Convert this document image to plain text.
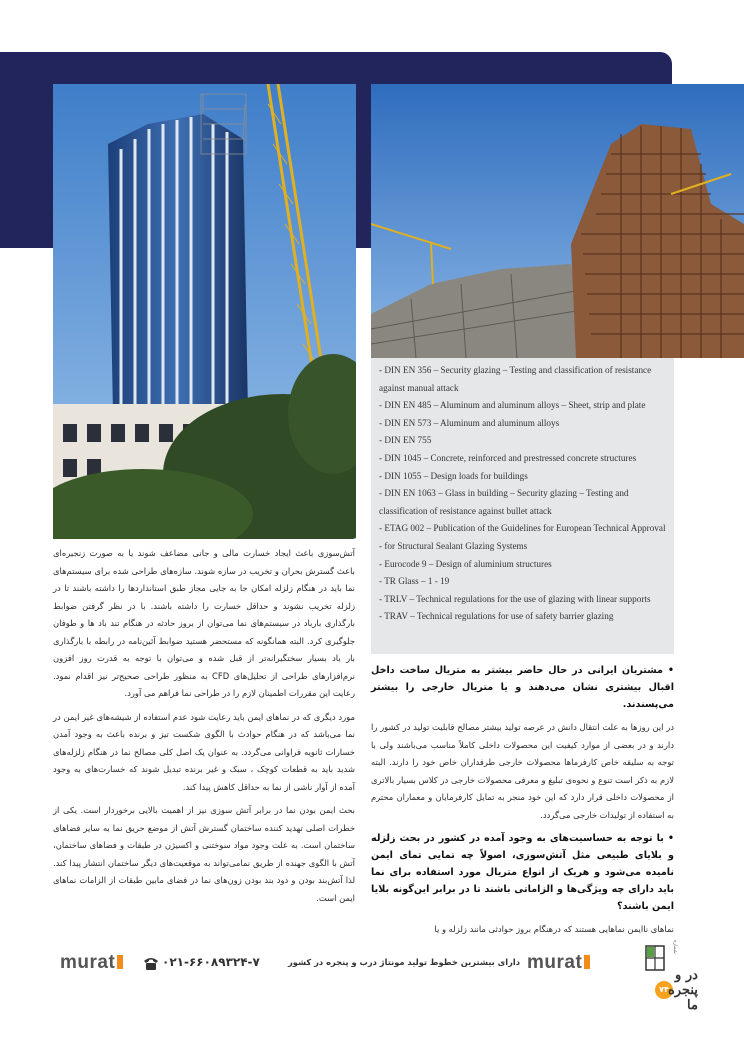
- DIN EN 356 – Security glazing – Testing and classification of resistance against manual attack
- DIN EN 485 – Aluminum and aluminum alloys – Sheet, strip and plate
- DIN EN 573 – Aluminum and aluminum alloys
- DIN EN 755
- DIN 1045 – Concrete, reinforced and prestressed concrete structures
- DIN 1055 – Design loads for buildings
- DIN EN 1063 – Glass in building – Security glazing – Testing and classification of resistance against bullet attack
- ETAG 002 – Publication of the Guidelines for European Technical Approval
- for Structural Sealant Glazing Systems
- Eurocode 9 – Design of aluminium structures
- TR Glass – 1 - 19
- TRLV – Technical regulations for the use of glazing with linear supports
- TRAV – Technical regulations for use of safety barrier glazing

آتش‌سوزی باعث ایجاد خسارت مالی و جانی مضاعف شوند یا به صورت زنجیره‌ای باعث گسترش بحران و تخریب در سازه شوند. سازه‌های طراحی شده برای سیستم‌های نما باید در هنگام زلزله امکان جا به جایی مجاز طبق استانداردها را داشته باشند تا در زلزله تخریب نشوند و حداقل خسارت را داشته باشند. با در نظر گرفتن ضوابط بارگذاری بارباد در سیستم‌های نما می‌توان از بروز حادثه در هنگام تند باد ها و طوفان جلوگیری کرد. البته همانگونه که مستحضر هستید ضوابط آئین‌نامه در رابطه با بارگذاری بار باد بسیار سختگیرانه‌تر از قبل شده و می‌توان با توجه به قدرت روز افزون نرم‌افزارهای طراحی از تحلیل‌های CFD به منظور طراحی صحیح‌تر نیز اقدام نمود. رعایت این مقررات اطمینان لازم را در طراحی نما فراهم می آورد.

مورد دیگری که در نماهای ایمن باید رعایت شود عدم استفاده از شیشه‌های غیر ایمن در نما می‌باشد که در هنگام حوادث با الگوی شکست تیز و برنده باعث به وجود آمدن خسارات ثانویه فراوانی می‌گردد. به عنوان یک اصل کلی مصالح نما در هنگام زلزله‌های شدید باید به قطعات کوچک ، سبک و غیر برنده تبدیل شوند که خسارت‌های به وجود آمده از آوار ناشی از نما به حداقل کاهش پیدا کند.

بحث ایمن بودن نما در برابر آتش سوزی نیز از اهمیت بالایی برخوردار است. یکی از خطرات اصلی تهدید کننده ساختمان گسترش آتش از موضع حریق نما به سایر فضاهای ساختمان است. به علت وجود مواد سوختنی و اکسیژن در طبقات و فضاهای ساختمان، آتش با الگوی جهنده از طریق نمامی‌تواند به موقعیت‌های دیگر ساختمان انتشار پیدا کند. لذا آتش‌بند بودن و دود بند بودن زون‌های نما در فضای مابین طبقات از الزامات نماهای ایمن است.

• مشتریان ایرانی در حال حاضر بیشتر به متریال ساخت داخل اقبال بیشتری نشان می‌دهند و یا متریال خارجی را بیشتر می‌پسندند.

در این روزها به علت انتقال دانش در عرصه تولید بیشتر مصالح قابلیت تولید در کشور را دارند و در بعضی از موارد کیفیت این محصولات داخلی کاملاً مناسب می‌باشند ولی با توجه به سلیقه خاص کارفرماها محصولات خارجی طرفداران خاص خود را دارند. البته لازم به ذکر است تنوع و نحوه‌ی تبلیغ و معرفی محصولات خارجی در کلاس بسیار بالاتری از محصولات داخلی قرار دارد که این خود منجر به تمایل کارفرمایان و معماران محترم به استفاده از تولیدات خارجی می‌گردد.

• با توجه به حساسیت‌های به وجود آمده در کشور در بحث زلزله و بلایای طبیعی مثل آتش‌سوزی، اصولاً چه تمایی تمای ایمن نامیده می‌شود و هریک از انواع متریال مورد استفاده برای نما باید دارای چه ویژگی‌ها و الزاماتی باشند تا در برابر این‌گونه بلایا ایمن باشند؟

نماهای ناایمن نماهایی هستند که درهنگام بروز حوادثی مانند زلزله و یا

murat	۰۲۱-۶۶۰۸۹۳۲۴-۷	دارای بیشترین خطوط تولید مونتاژ درب و پنجره در کشور murat
۷۴
در و پنجره ما
شماره
